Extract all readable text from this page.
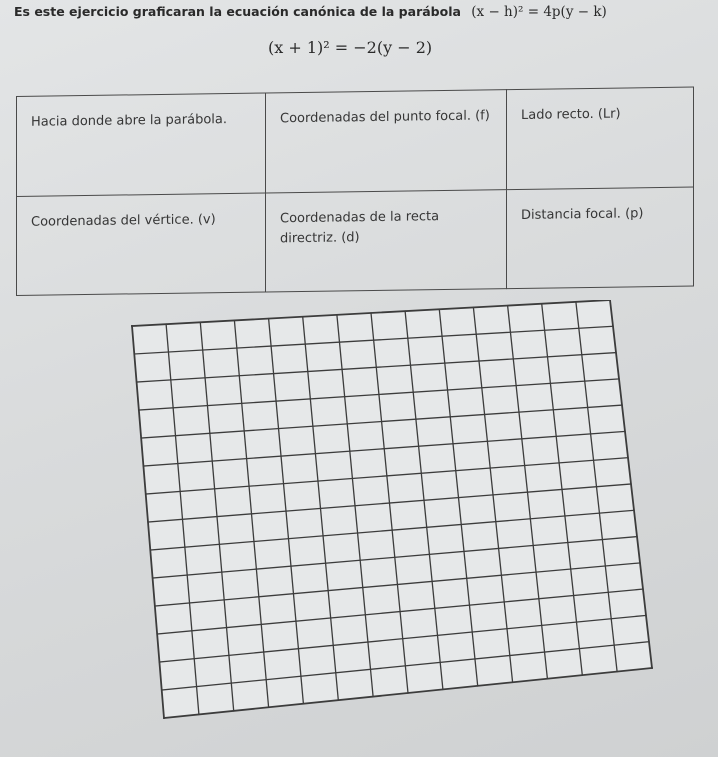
Es este ejercicio graficaran la ecuación canónica de la parábola (x − h)² = 4p(y − k)
(x + 1)² = −2(y − 2)
Hacia donde abre la parábola.	Coordenadas del punto focal. (f)	Lado recto. (Lr)
Coordenadas del vértice. (v)	Coordenadas de la recta directriz. (d)	Distancia focal. (p)
